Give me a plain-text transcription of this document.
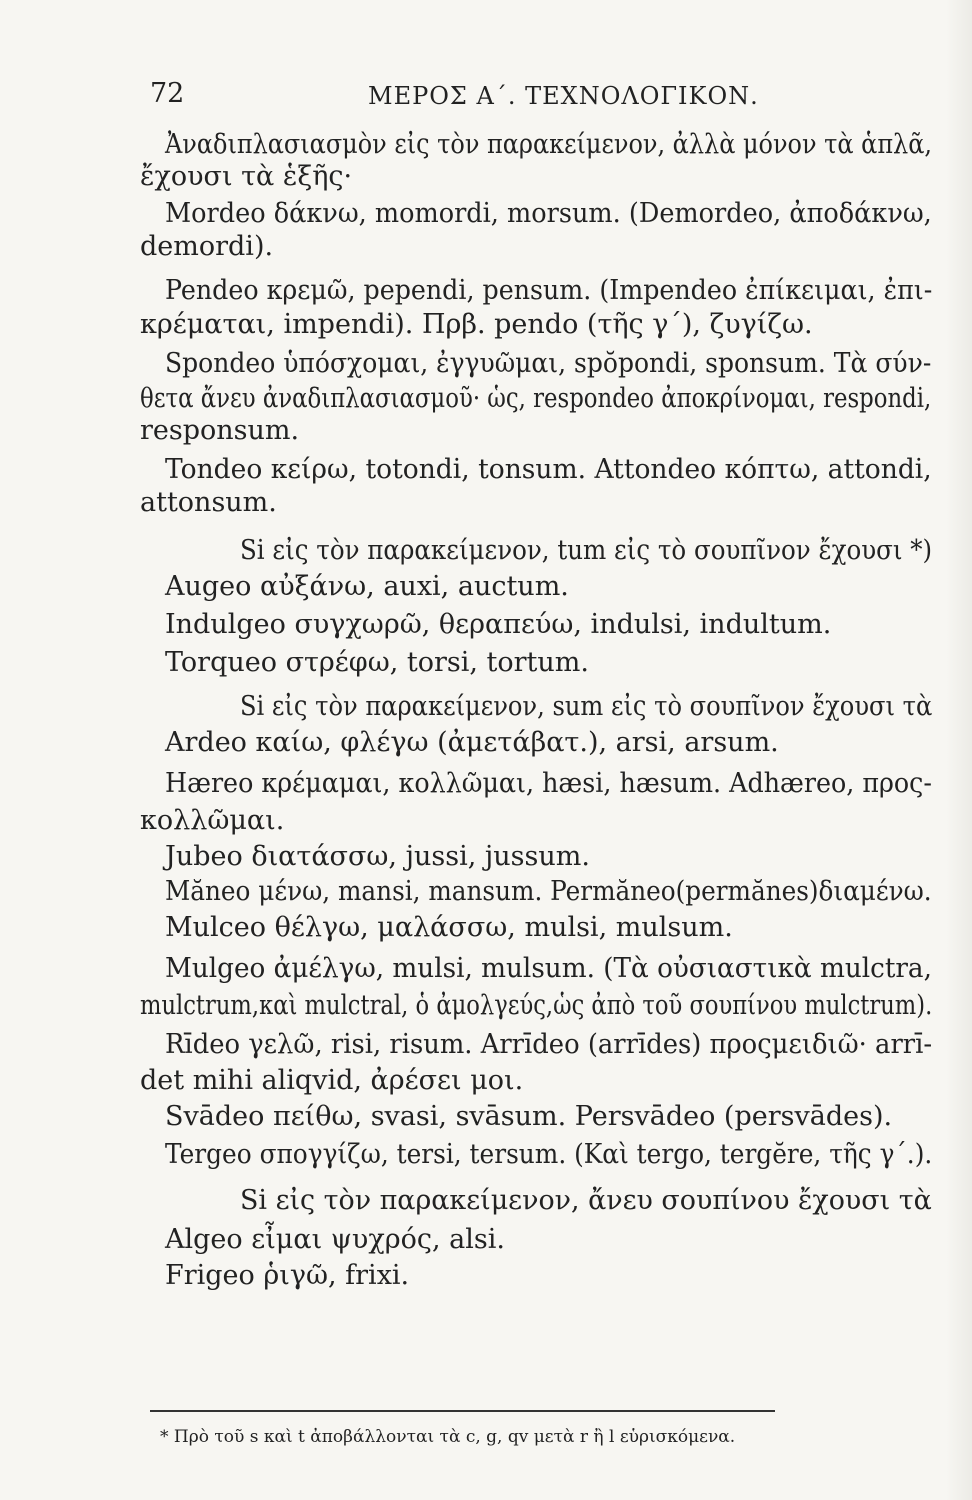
72	ΜΕΡΟΣ Α΄. ΤΕΧΝΟΛΟΓΙΚΟΝ.
Ἀναδιπλασιασμὸν εἰς τὸν παρακείμενον, ἀλλὰ μόνον τὰ ἁπλᾶ,
ἔχουσι τὰ ἑξῆς·
Mordeo δάκνω, momordi, morsum. (Demordeo, ἀποδάκνω,
demordi).
Pendeo κρεμῶ, pependi, pensum. (Impendeo ἐπίκειμαι, ἐπι-
κρέμαται, impendi). Πρβ. pendo (τῆς γ΄), ζυγίζω.
Spondeo ὑπόσχομαι, ἐγγυῶμαι, spŏpondi, sponsum. Τὰ σύν-
θετα ἄνευ ἀναδιπλασιασμοῦ· ὡς, respondeo ἀποκρίνομαι, respondi,
responsum.
Tondeo κείρω, totondi, tonsum. Attondeo κόπτω, attondi,
attonsum.
Si εἰς τὸν παρακείμενον, tum εἰς τὸ σουπῖνον ἔχουσι *)
Augeo αὐξάνω, auxi, auctum.
Indulgeo συγχωρῶ, θεραπεύω, indulsi, indultum.
Torqueo στρέφω, torsi, tortum.
Si εἰς τὸν παρακείμενον, sum εἰς τὸ σουπῖνον ἔχουσι τὰ
Ardeo καίω, φλέγω (ἀμετάβατ.), arsi, arsum.
Hæreo κρέμαμαι, κολλῶμαι, hæsi, hæsum. Adhæreo, προς-
κολλῶμαι.
Jubeo διατάσσω, jussi, jussum.
Măneo μένω, mansi, mansum. Permăneo(permănes)διαμένω.
Mulceo θέλγω, μαλάσσω, mulsi, mulsum.
Mulgeo ἀμέλγω, mulsi, mulsum. (Τὰ οὐσιαστικὰ mulctra,
mulctrum,καὶ mulctral, ὁ ἀμολγεύς,ὡς ἀπὸ τοῦ σουπίνου mulctrum).
Rīdeo γελῶ, risi, risum. Arrīdeo (arrīdes) προςμειδιῶ· arrī-
det mihi aliqvid, ἀρέσει μοι.
Svādeo πείθω, svasi, svāsum. Persvādeo (persvādes).
Tergeo σπογγίζω, tersi, tersum. (Καὶ tergo, tergĕre, τῆς γ΄.).
Si εἰς τὸν παρακείμενον, ἄνευ σουπίνου ἔχουσι τὰ
Algeo εἶμαι ψυχρός, alsi.
Frigeo ῥιγῶ, frixi.
* Πρὸ τοῦ s καὶ t ἀποβάλλονται τὰ c, g, qv μετὰ r ἢ l εὑρισκόμενα.
